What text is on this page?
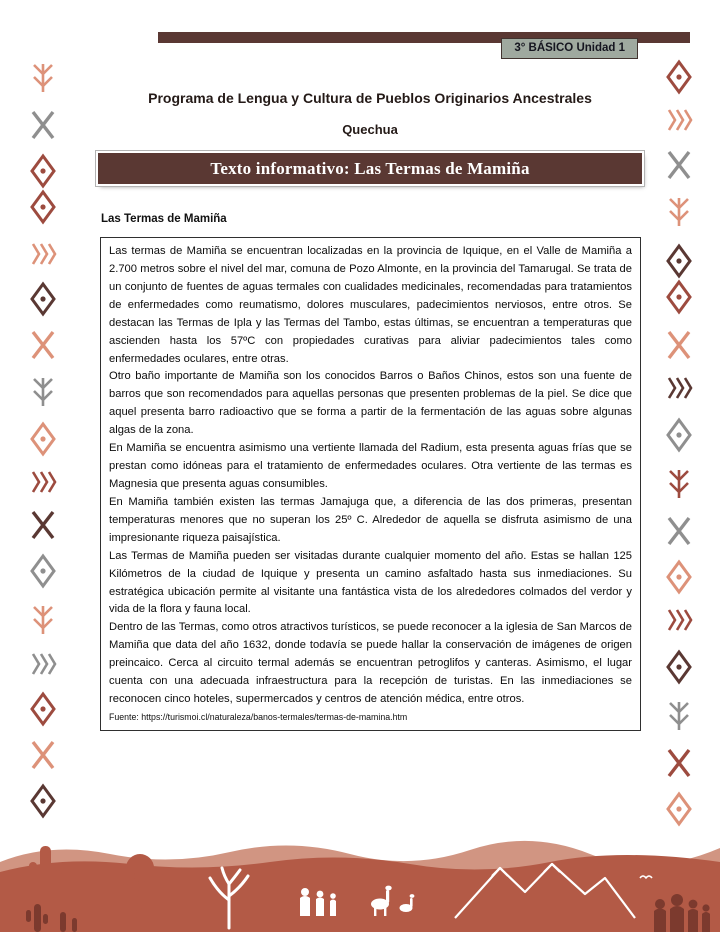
3° BÁSICO Unidad 1
Programa de Lengua y Cultura de Pueblos Originarios Ancestrales
Quechua
Texto informativo: Las Termas de Mamiña
Las Termas de Mamiña

Las termas de Mamiña se encuentran localizadas en la provincia de Iquique, en el Valle de Mamiña a 2.700 metros sobre el nivel del mar, comuna de Pozo Almonte, en la provincia del Tamarugal. Se trata de un conjunto de fuentes de aguas termales con cualidades medicinales, recomendadas para tratamientos de enfermedades como reumatismo, dolores musculares, padecimientos nerviosos, entre otros. Se destacan las Termas de Ipla y las Termas del Tambo, estas últimas, se encuentran a temperaturas que ascienden hasta los 57ºC con propiedades curativas para aliviar padecimientos tales como enfermedades oculares, entre otras.

Otro baño importante de Mamiña son los conocidos Barros o Baños Chinos, estos son una fuente de barros que son recomendados para aquellas personas que presenten problemas de la piel. Se dice que aquel presenta barro radioactivo que se forma a partir de la fermentación de las aguas sobre algunas algas de la zona.

En Mamiña se encuentra asimismo una vertiente llamada del Radium, esta presenta aguas frías que se prestan como idóneas para el tratamiento de enfermedades oculares. Otra vertiente de las termas es Magnesia que presenta aguas consumibles.

En Mamiña también existen las termas Jamajuga que, a diferencia de las dos primeras, presentan temperaturas menores que no superan los 25º C. Alrededor de aquella se disfruta asimismo de una impresionante riqueza paisajística.

Las Termas de Mamiña pueden ser visitadas durante cualquier momento del año. Estas se hallan 125 Kilómetros de la ciudad de Iquique y presenta un camino asfaltado hasta sus inmediaciones. Su estratégica ubicación permite al visitante una fantástica vista de los alrededores colmados del verdor y vida de la flora y fauna local.

Dentro de las Termas, como otros atractivos turísticos, se puede reconocer a la iglesia de San Marcos de Mamiña que data del año 1632, donde todavía se puede hallar la conservación de imágenes de origen preincaico. Cerca al circuito termal además se encuentran petroglifos y canteras. Asimismo, el lugar cuenta con una adecuada infraestructura para la recepción de turistas. En las inmediaciones se reconocen cinco hoteles, supermercados y centros de atención médica, entre otros.

Fuente: https://turismoi.cl/naturaleza/banos-termales/termas-de-mamina.htm
